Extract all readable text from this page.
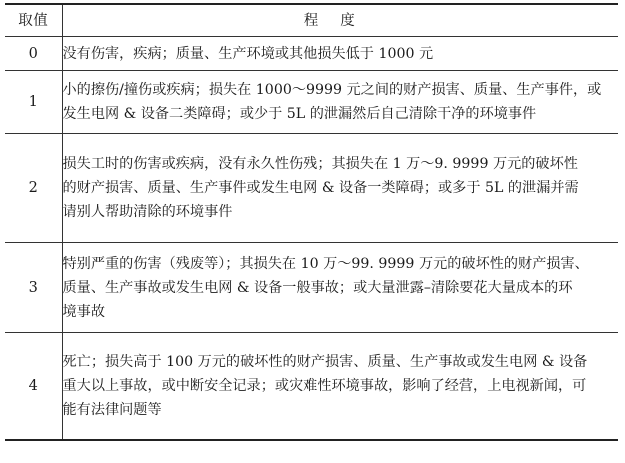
取值	程度
0	没有伤害，疾病；质量、生产环境或其他损失低于 1000 元

1	小的擦伤/撞伤或疾病；损失在 1000～9999 元之间的财产损害、质量、生产事件，或
发生电网 & 设备二类障碍；或少于 5L 的泄漏然后自己清除干净的环境事件

2	损失工时的伤害或疾病，没有永久性伤残；其损失在 1 万～9. 9999 万元的破坏性
的财产损害、质量、生产事件或发生电网 & 设备一类障碍；或多于 5L 的泄漏并需
请别人帮助清除的环境事件

3	特别严重的伤害（残废等）；其损失在 10 万～99. 9999 万元的破坏性的财产损害、
质量、生产事故或发生电网 & 设备一般事故；或大量泄露–清除要花大量成本的环
境事故

4	死亡；损失高于 100 万元的破坏性的财产损害、质量、生产事故或发生电网 & 设备
重大以上事故，或中断安全记录；或灾难性环境事故，影响了经营，上电视新闻，可
能有法律问题等
